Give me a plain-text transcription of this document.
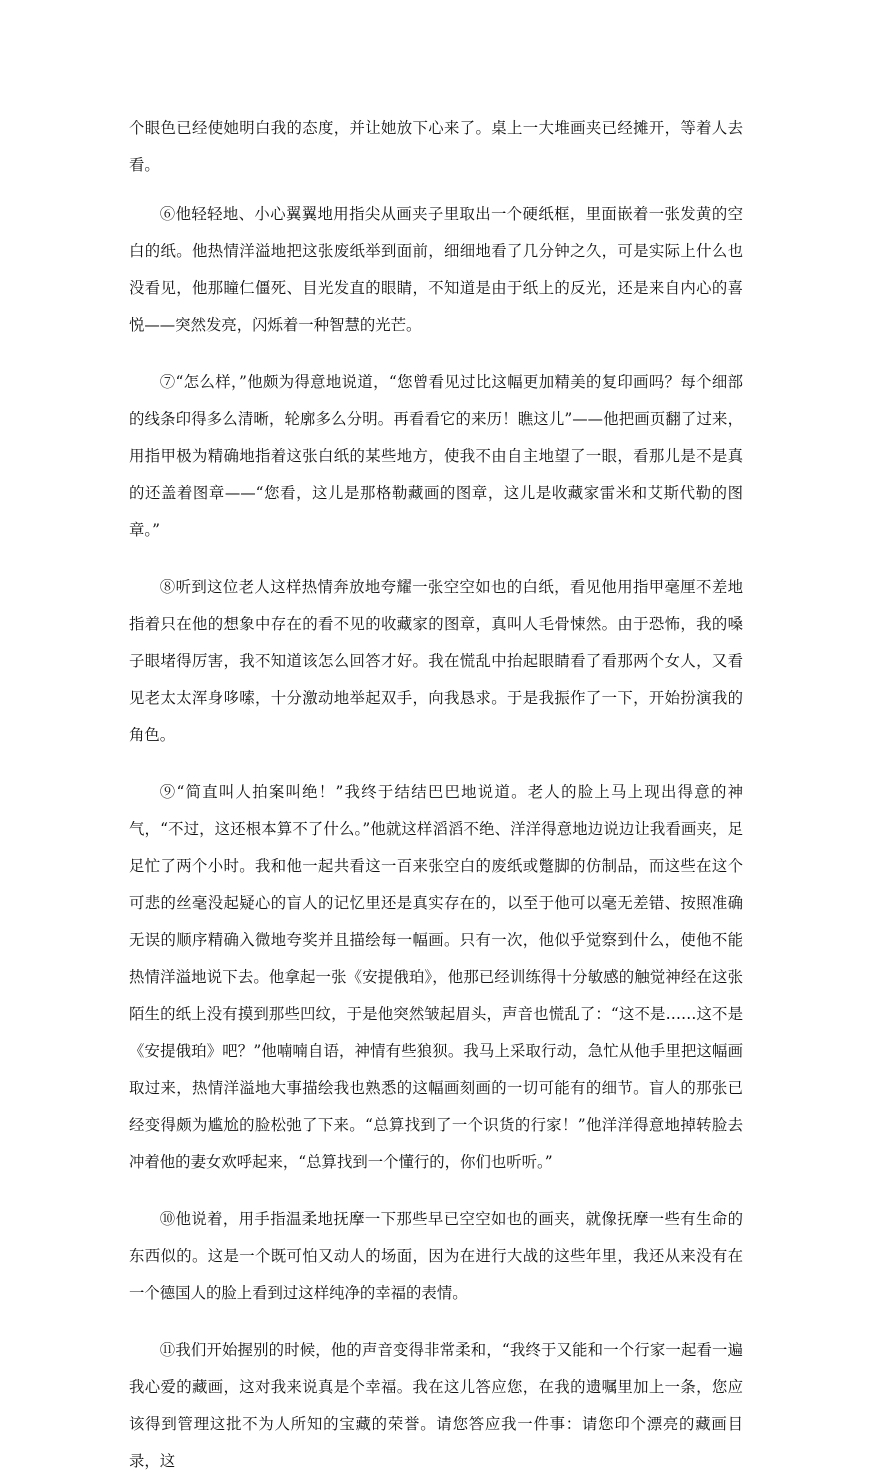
个眼色已经使她明白我的态度，并让她放下心来了。桌上一大堆画夹已经摊开，等着人去看。

⑥他轻轻地、小心翼翼地用指尖从画夹子里取出一个硬纸框，里面嵌着一张发黄的空白的纸。他热情洋溢地把这张废纸举到面前，细细地看了几分钟之久，可是实际上什么也没看见，他那瞳仁僵死、目光发直的眼睛，不知道是由于纸上的反光，还是来自内心的喜悦——突然发亮，闪烁着一种智慧的光芒。

⑦“怎么样，”他颇为得意地说道，“您曾看见过比这幅更加精美的复印画吗？每个细部的线条印得多么清晰，轮廓多么分明。再看看它的来历！瞧这儿”——他把画页翻了过来，用指甲极为精确地指着这张白纸的某些地方，使我不由自主地望了一眼，看那儿是不是真的还盖着图章——“您看，这儿是那格勒藏画的图章，这儿是收藏家雷米和艾斯代勒的图章。”

⑧听到这位老人这样热情奔放地夸耀一张空空如也的白纸，看见他用指甲毫厘不差地指着只在他的想象中存在的看不见的收藏家的图章，真叫人毛骨悚然。由于恐怖，我的嗓子眼堵得厉害，我不知道该怎么回答才好。我在慌乱中抬起眼睛看了看那两个女人，又看见老太太浑身哆嗦，十分激动地举起双手，向我恳求。于是我振作了一下，开始扮演我的角色。

⑨“简直叫人拍案叫绝！”我终于结结巴巴地说道。老人的脸上马上现出得意的神气，“不过，这还根本算不了什么。”他就这样滔滔不绝、洋洋得意地边说边让我看画夹，足足忙了两个小时。我和他一起共看这一百来张空白的废纸或蹩脚的仿制品，而这些在这个可悲的丝毫没起疑心的盲人的记忆里还是真实存在的，以至于他可以毫无差错、按照准确无误的顺序精确入微地夸奖并且描绘每一幅画。只有一次，他似乎觉察到什么，使他不能热情洋溢地说下去。他拿起一张《安提俄珀》，他那已经训练得十分敏感的触觉神经在这张陌生的纸上没有摸到那些凹纹，于是他突然皱起眉头，声音也慌乱了：“这不是……这不是《安提俄珀》吧？”他喃喃自语，神情有些狼狈。我马上采取行动，急忙从他手里把这幅画取过来，热情洋溢地大事描绘我也熟悉的这幅画刻画的一切可能有的细节。盲人的那张已经变得颇为尴尬的脸松弛了下来。“总算找到了一个识货的行家！”他洋洋得意地掉转脸去冲着他的妻女欢呼起来，“总算找到一个懂行的，你们也听听。”

⑩他说着，用手指温柔地抚摩一下那些早已空空如也的画夹，就像抚摩一些有生命的东西似的。这是一个既可怕又动人的场面，因为在进行大战的这些年里，我还从来没有在一个德国人的脸上看到过这样纯净的幸福的表情。

⑪我们开始握别的时候，他的声音变得非常柔和，“我终于又能和一个行家一起看一遍我心爱的藏画，这对我来说真是个幸福。我在这儿答应您，在我的遗嘱里加上一条，您应该得到管理这批不为人所知的宝藏的荣誉。请您答应我一件事：请您印个漂亮的藏画目录，这
